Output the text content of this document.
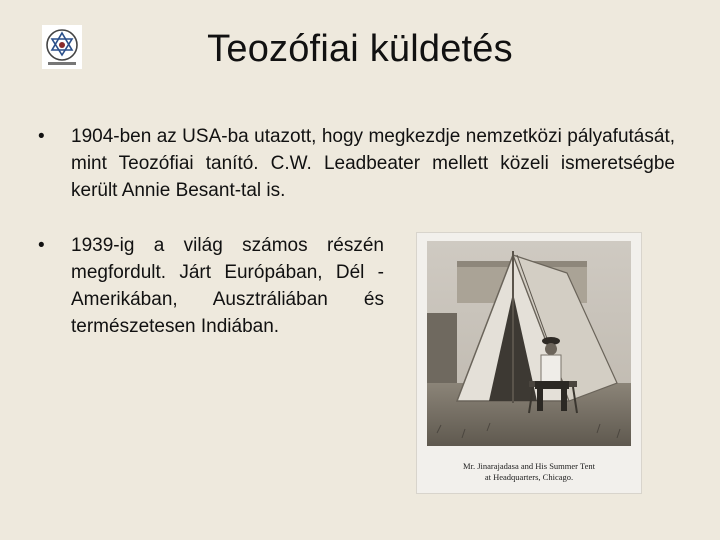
Teozófiai küldetés
• 1904-ben az USA-ba utazott, hogy megkezdje nemzetközi pályafutását, mint Teozófiai tanító. C.W. Leadbeater mellett közeli ismeretségbe került Annie Besant-tal is.
• 1939-ig a világ számos részén megfordult. Járt Európában, Dél -Amerikában, Ausztráliában és természetesen Indiában.
Mr. Jinarajadasa and His Summer Tent
at Headquarters, Chicago.
